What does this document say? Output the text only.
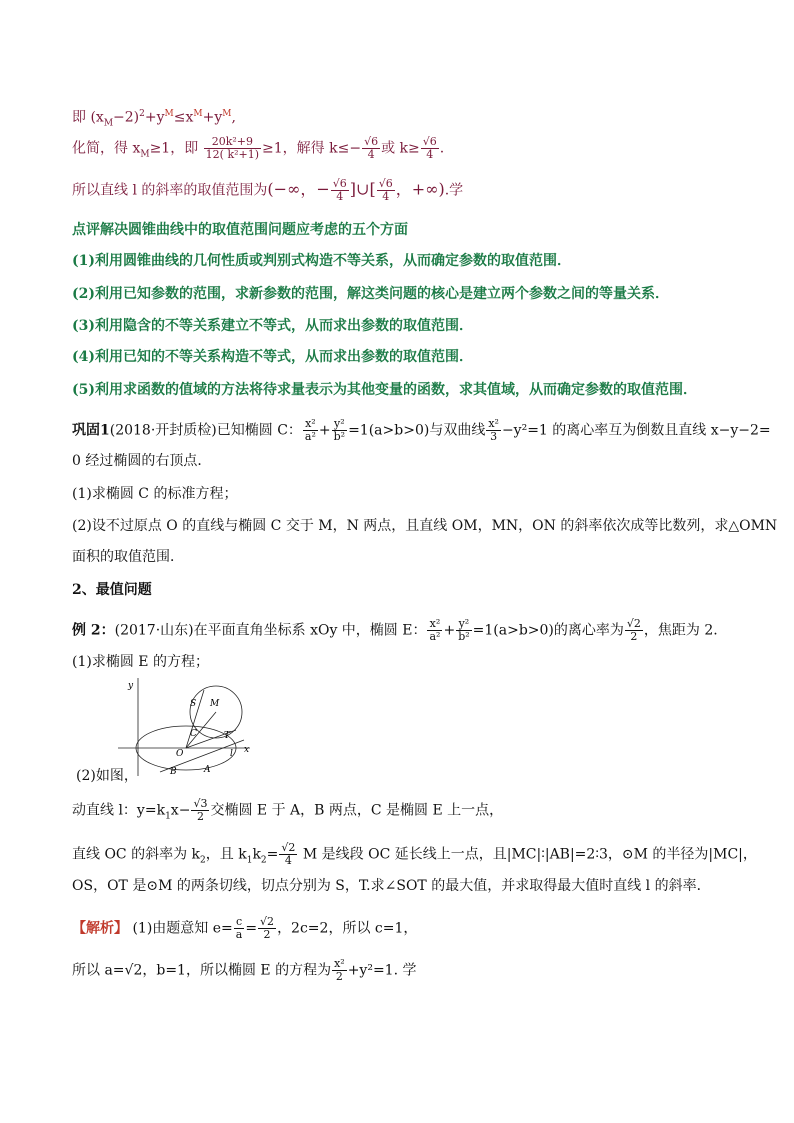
即 $(x_M-2)^2+y^M\le x^M+y^M$,
化简，得 $x_M\ge 1$，即 $\frac{\text{20k²+9}}{\text{12( k²+1)}} \ge 1$，解得 $k\le- \frac{√6}{4}$ 或 $k\ge \frac{√6}{4}$ .
所以直线 l 的斜率的取值范围为(−∞，− $\frac{√6}{4}$ ]∪[ $\frac{√6}{4}$ ，+∞).学
点评解决圆锥曲线中的取值范围问题应考虑的五个方面
(1)利用圆锥曲线的几何性质或判别式构造不等关系，从而确定参数的取值范围．
(2)利用已知参数的范围，求新参数的范围，解这类问题的核心是建立两个参数之间的等量关系．
(3)利用隐含的不等关系建立不等式，从而求出参数的取值范围．
(4)利用已知的不等关系构造不等式，从而求出参数的取值范围．
(5)利用求函数的值域的方法将待求量表示为其他变量的函数，求其值域，从而确定参数的取值范围．
巩固1(2018·开封质检)已知椭圆 C： $\frac{\text{x²}}{\text{a²}} + \frac{\text{y²}}{\text{b²}} =1(a>b>0)$与双曲线 $\frac{\text{x²}}{3} -y^2=1$ 的离心率互为倒数且直线 x−y−2=
0 经过椭圆的右顶点．
(1)求椭圆 C 的标准方程；
(2)设不过原点 O 的直线与椭圆 C 交于 M，N 两点，且直线 OM，MN，ON 的斜率依次成等比数列，求△OMN
面积的取值范围．
2、最值问题
例 2：(2017·山东)在平面直角坐标系 xOy 中，椭圆 E： $\frac{\text{x²}}{\text{a²}} + \frac{\text{y²}}{\text{b²}} =1(a>b>0)$的离心率为 $\frac{√2}{2}$ ，焦距为 2.
(1)求椭圆 E 的方程；
y
S M
C	T
O	l x
B	A
(2)如图，
动直线 l：$y=k_1x- \frac{√3}{2}$ 交椭圆 E 于 A，B 两点，C 是椭圆 E 上一点，
直线 OC 的斜率为 $k_2$，且 $k_1k_2= \frac{√2}{4}$ M 是线段 OC 延长线上一点，且|MC|∶|AB|=2∶3，⊙M 的半径为|MC|，
OS，OT 是⊙M 的两条切线，切点分别为 S，T.求∠SOT 的最大值，并求取得最大值时直线 l 的斜率．
【解析】 (1)由题意知 $e= \frac{c}{a} = \frac{√2}{2}$ ，2c=2，所以 c=1，
所以 a=√2，b=1，所以椭圆 E 的方程为 $\frac{\text{x²}}{2} +y^2=1$. 学
